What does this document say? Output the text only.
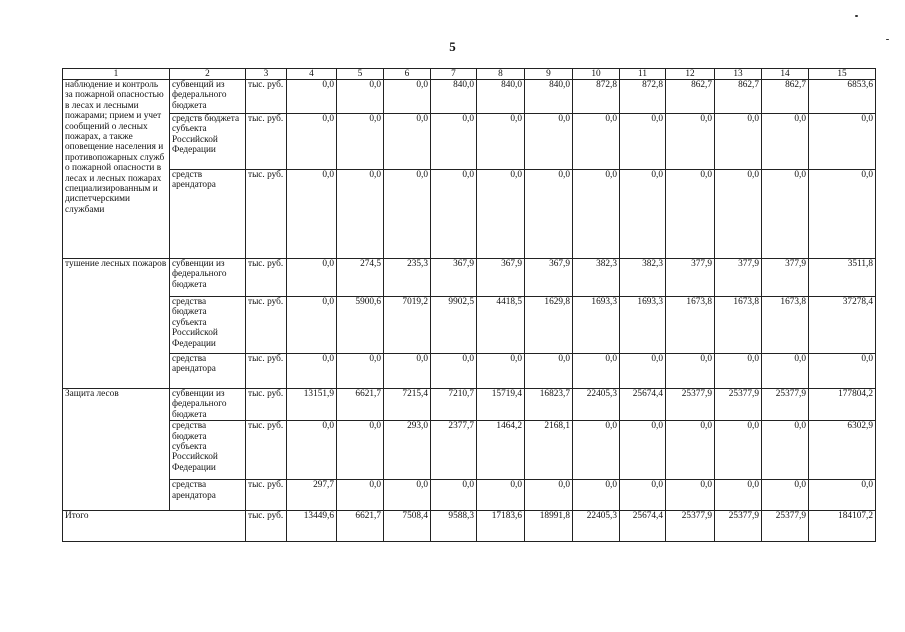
5
1	2	3	4	5	6	7	8	9	10	11	12	13	14	15
наблюдение и контроль за пожарной опасностью в лесах и лесными пожарами; прием и учет сообщений о лесных пожарах, а также оповещение населения и противопожарных служб о пожарной опасности в лесах и лесных пожарах специализированным и диспетчерскими службами	субвенций из федерального бюджета	тыс. руб.	0,0	0,0	0,0	840,0	840,0	840,0	872,8	872,8	862,7	862,7	862,7	6853,6
	средств бюджета субъекта Российской Федерации	тыс. руб.	0,0	0,0	0,0	0,0	0,0	0,0	0,0	0,0	0,0	0,0	0,0	0,0
	средств арендатора	тыс. руб.	0,0	0,0	0,0	0,0	0,0	0,0	0,0	0,0	0,0	0,0	0,0	0,0
тушение лесных пожаров	субвенции из федерального бюджета	тыс. руб.	0,0	274,5	235,3	367,9	367,9	367,9	382,3	382,3	377,9	377,9	377,9	3511,8
	средства бюджета субъекта Российской Федерации	тыс. руб.	0,0	5900,6	7019,2	9902,5	4418,5	1629,8	1693,3	1693,3	1673,8	1673,8	1673,8	37278,4
	средства арендатора	тыс. руб.	0,0	0,0	0,0	0,0	0,0	0,0	0,0	0,0	0,0	0,0	0,0	0,0
Защита лесов	субвенции из федерального бюджета	тыс. руб.	13151,9	6621,7	7215,4	7210,7	15719,4	16823,7	22405,3	25674,4	25377,9	25377,9	25377,9	177804,2
	средства бюджета субъекта Российской Федерации	тыс. руб.	0,0	0,0	293,0	2377,7	1464,2	2168,1	0,0	0,0	0,0	0,0	0,0	6302,9
	средства арендатора	тыс. руб.	297,7	0,0	0,0	0,0	0,0	0,0	0,0	0,0	0,0	0,0	0,0	0,0
Итого		тыс. руб.	13449,6	6621,7	7508,4	9588,3	17183,6	18991,8	22405,3	25674,4	25377,9	25377,9	25377,9	184107,2
